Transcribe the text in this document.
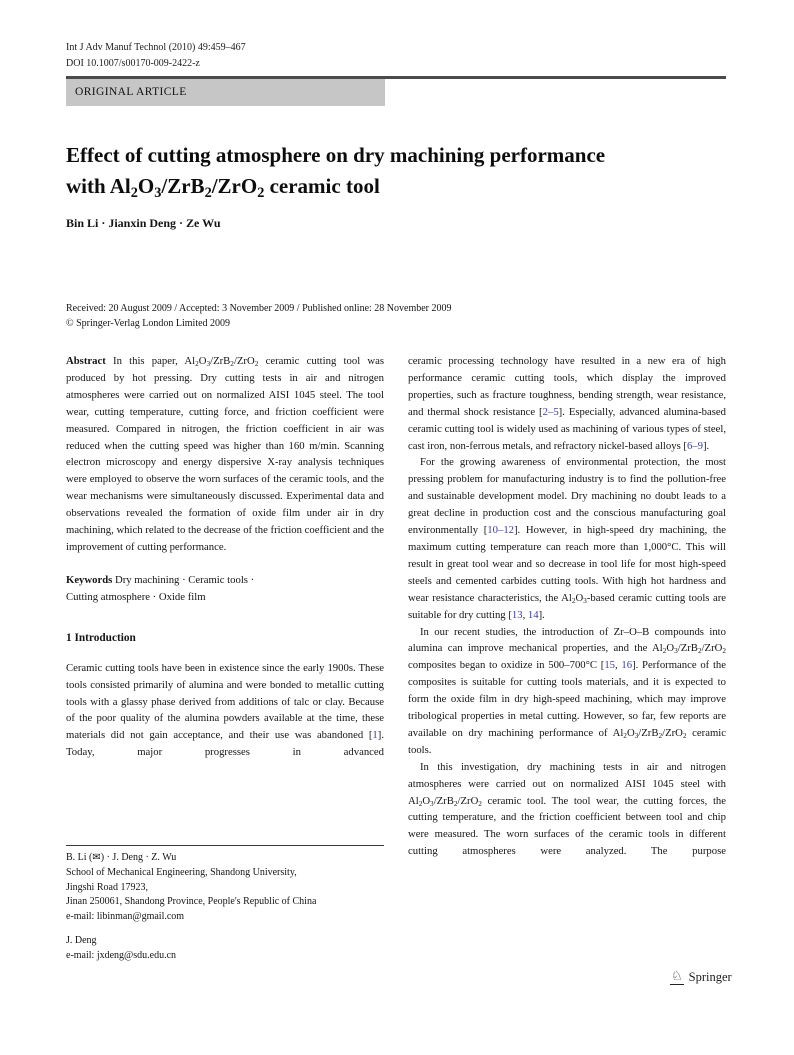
Int J Adv Manuf Technol (2010) 49:459–467
DOI 10.1007/s00170-009-2422-z
ORIGINAL ARTICLE
Effect of cutting atmosphere on dry machining performance
with $Al_2O_3/ZrB_2/ZrO_2$ ceramic tool
Bin Li · Jianxin Deng · Ze Wu
Received: 20 August 2009 / Accepted: 3 November 2009 / Published online: 28 November 2009
© Springer-Verlag London Limited 2009

Abstract In this paper, $Al_2O_3/ZrB_2/ZrO_2$ ceramic cutting tool was produced by hot pressing. Dry cutting tests in air and nitrogen atmospheres were carried out on normalized AISI 1045 steel. The tool wear, cutting temperature, cutting force, and friction coefficient were measured. Compared in nitrogen, the friction coefficient in air was reduced when the cutting speed was higher than 160 m/min. Scanning electron microscopy and energy dispersive X-ray analysis techniques were employed to observe the worn surfaces of the ceramic tools, and the wear mechanisms were simultaneously discussed. Experimental data and observations revealed the formation of oxide film under air in dry machining, which related to the decrease of the friction coefficient and the improvement of cutting performance.

Keywords Dry machining · Ceramic tools ·
Cutting atmosphere · Oxide film
1 Introduction

Ceramic cutting tools have been in existence since the early 1900s. These tools consisted primarily of alumina and were bonded to metallic cutting tools with a glassy phase derived from additions of talc or clay. Because of the poor quality of the alumina powders available at the time, these materials did not gain acceptance, and their use was abandoned [1]. Today, major progresses in advanced

ceramic processing technology have resulted in a new era of high performance ceramic cutting tools, which display the improved properties, such as fracture toughness, bending strength, wear resistance, and thermal shock resistance [2–5]. Especially, advanced alumina-based ceramic cutting tool is widely used as machining of various types of steel, cast iron, non-ferrous metals, and refractory nickel-based alloys [6–9].

For the growing awareness of environmental protection, the most pressing problem for manufacturing industry is to find the pollution-free and sustainable development model. Dry machining no doubt leads to a great decline in production cost and the conscious manufacturing goal environmentally [10–12]. However, in high-speed dry machining, the maximum cutting temperature can reach more than 1,000°C. This will result in great tool wear and so decrease in tool life for most high-speed steels and cemented carbides cutting tools. With high hot hardness and wear resistance characteristics, the $Al_2O_3$-based ceramic cutting tools are suitable for dry cutting [13, 14].

In our recent studies, the introduction of Zr–O–B compounds into alumina can improve mechanical properties, and the $Al_2O_3/ZrB_2/ZrO_2$ composites began to oxidize in 500–700°C [15, 16]. Performance of the composites is suitable for cutting tools materials, and it is expected to form the oxide film in dry high-speed machining, which may improve tribological properties in metal cutting. However, so far, few reports are available on dry machining performance of $Al_2O_3/ZrB_2/ZrO_2$ ceramic tools.

In this investigation, dry machining tests in air and nitrogen atmospheres were carried out on normalized AISI 1045 steel with $Al_2O_3/ZrB_2/ZrO_2$ ceramic tool. The tool wear, the cutting forces, the cutting temperature, and the friction coefficient between tool and chip were measured. The worn surfaces of the ceramic tools in different cutting atmospheres were analyzed. The purpose

B. Li (✉) · J. Deng · Z. Wu
School of Mechanical Engineering, Shandong University,
Jingshi Road 17923,
Jinan 250061, Shandong Province, People's Republic of China
e-mail: libinman@gmail.com
J. Deng
e-mail: jxdeng@sdu.edu.cn
♘ Springer
